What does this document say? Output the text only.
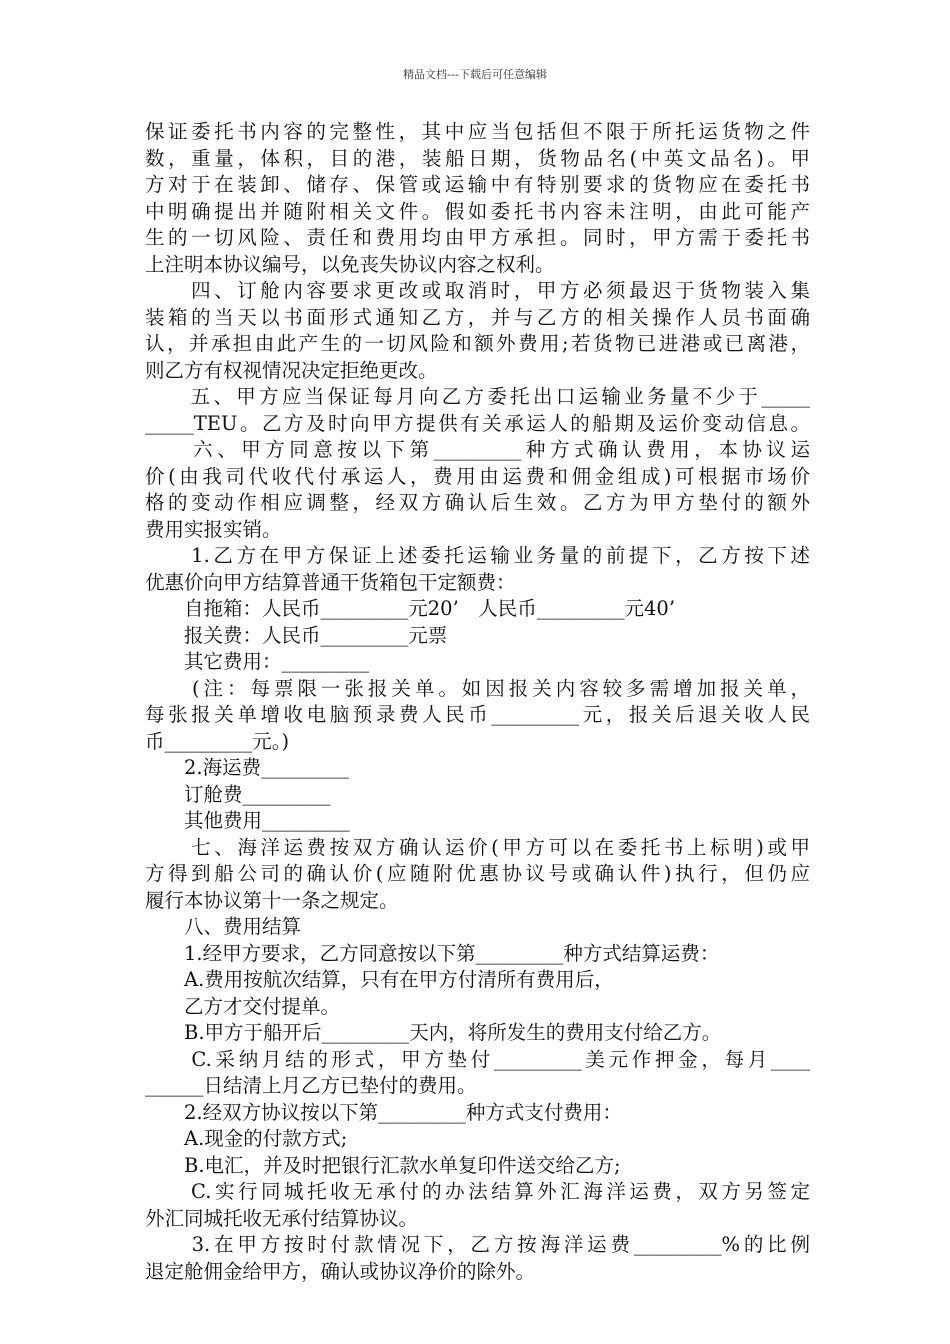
精品文档---下载后可任意编辑
保证委托书内容的完整性，其中应当包括但不限于所托运货物之件
数，重量，体积，目的港，装船日期，货物品名(中英文品名)。甲
方对于在装卸、储存、保管或运输中有特别要求的货物应在委托书
中明确提出并随附相关文件。假如委托书内容未注明，由此可能产
生的一切风险、责任和费用均由甲方承担。同时，甲方需于委托书
上注明本协议编号，以免丧失协议内容之权利。
　　四、订舱内容要求更改或取消时，甲方必须最迟于货物装入集
装箱的当天以书面形式通知乙方，并与乙方的相关操作人员书面确
认，并承担由此产生的一切风险和额外费用;若货物已进港或已离港，
则乙方有权视情况决定拒绝更改。
　　五、甲方应当保证每月向乙方委托出口运输业务量不少于_____
_____TEU。乙方及时向甲方提供有关承运人的船期及运价变动信息。
　　六、甲方同意按以下第_________种方式确认费用，本协议运
价(由我司代收代付承运人，费用由运费和佣金组成)可根据市场价
格的变动作相应调整，经双方确认后生效。乙方为甲方垫付的额外
费用实报实销。
　　1.乙方在甲方保证上述委托运输业务量的前提下，乙方按下述
优惠价向甲方结算普通干货箱包干定额费：
　　自拖箱：人民币_________元20’　人民币_________元40’
　　报关费：人民币_________元票
　　其它费用：_________
　　(注：每票限一张报关单。如因报关内容较多需增加报关单，
每张报关单增收电脑预录费人民币_________元，报关后退关收人民
币_________元。)
　　2.海运费_________
　　订舱费_________
　　其他费用_________
　　七、海洋运费按双方确认运价(甲方可以在委托书上标明)或甲
方得到船公司的确认价(应随附优惠协议号或确认件)执行，但仍应
履行本协议第十一条之规定。
　　八、费用结算
　　1.经甲方要求，乙方同意按以下第_________种方式结算运费：
　　A.费用按航次结算，只有在甲方付清所有费用后，
　　乙方才交付提单。
　　B.甲方于船开后_________天内，将所发生的费用支付给乙方。
　　C.采纳月结的形式，甲方垫付_________美元作押金，每月____
______日结清上月乙方已垫付的费用。
　　2.经双方协议按以下第_________种方式支付费用：
　　A.现金的付款方式;
　　B.电汇，并及时把银行汇款水单复印件送交给乙方;
　　C.实行同城托收无承付的办法结算外汇海洋运费，双方另签定
外汇同城托收无承付结算协议。
　　3.在甲方按时付款情况下，乙方按海洋运费_________%的比例
退定舱佣金给甲方，确认或协议净价的除外。
